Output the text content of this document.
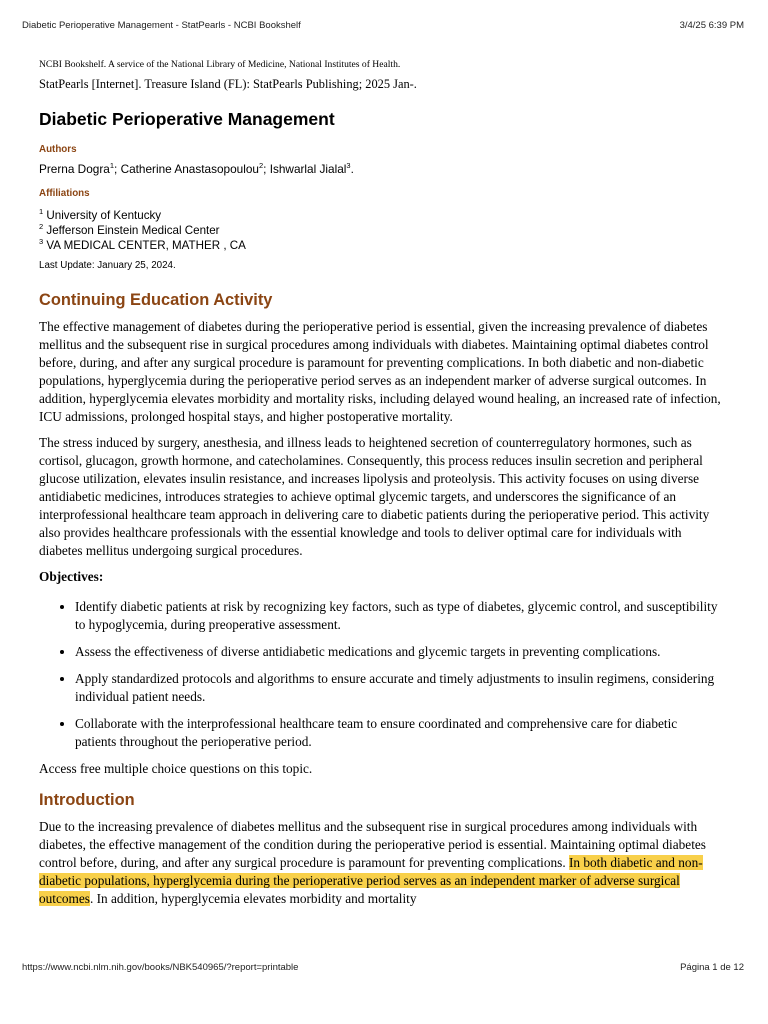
Diabetic Perioperative Management - StatPearls - NCBI Bookshelf	3/4/25 6:39 PM

NCBI Bookshelf. A service of the National Library of Medicine, National Institutes of Health.

StatPearls [Internet]. Treasure Island (FL): StatPearls Publishing; 2025 Jan-.

Diabetic Perioperative Management
Authors
Prerna Dogra$^1$; Catherine Anastasopoulou$^2$; Ishwarlal Jialal$^3$.
Affiliations
$^1$ University of Kentucky
$^2$ Jefferson Einstein Medical Center
$^3$ VA MEDICAL CENTER, MATHER , CA
Last Update: January 25, 2024.
Continuing Education Activity

The effective management of diabetes during the perioperative period is essential, given the increasing prevalence of diabetes mellitus and the subsequent rise in surgical procedures among individuals with diabetes. Maintaining optimal diabetes control before, during, and after any surgical procedure is paramount for preventing complications. In both diabetic and non-diabetic populations, hyperglycemia during the perioperative period serves as an independent marker of adverse surgical outcomes. In addition, hyperglycemia elevates morbidity and mortality risks, including delayed wound healing, an increased rate of infection, ICU admissions, prolonged hospital stays, and higher postoperative mortality.

The stress induced by surgery, anesthesia, and illness leads to heightened secretion of counterregulatory hormones, such as cortisol, glucagon, growth hormone, and catecholamines. Consequently, this process reduces insulin secretion and peripheral glucose utilization, elevates insulin resistance, and increases lipolysis and proteolysis. This activity focuses on using diverse antidiabetic medicines, introduces strategies to achieve optimal glycemic targets, and underscores the significance of an interprofessional healthcare team approach in delivering care to diabetic patients during the perioperative period. This activity also provides healthcare professionals with the essential knowledge and tools to deliver optimal care for individuals with diabetes mellitus undergoing surgical procedures.

Objectives:
• Identify diabetic patients at risk by recognizing key factors, such as type of diabetes, glycemic control, and susceptibility to hypoglycemia, during preoperative assessment.
• Assess the effectiveness of diverse antidiabetic medications and glycemic targets in preventing complications.
• Apply standardized protocols and algorithms to ensure accurate and timely adjustments to insulin regimens, considering individual patient needs.
• Collaborate with the interprofessional healthcare team to ensure coordinated and comprehensive care for diabetic patients throughout the perioperative period.

Access free multiple choice questions on this topic.

Introduction

Due to the increasing prevalence of diabetes mellitus and the subsequent rise in surgical procedures among individuals with diabetes, the effective management of the condition during the perioperative period is essential. Maintaining optimal diabetes control before, during, and after any surgical procedure is paramount for preventing complications. In both diabetic and non-diabetic populations, hyperglycemia during the perioperative period serves as an independent marker of adverse surgical outcomes. In addition, hyperglycemia elevates morbidity and mortality

https://www.ncbi.nlm.nih.gov/books/NBK540965/?report=printable	Página 1 de 12
